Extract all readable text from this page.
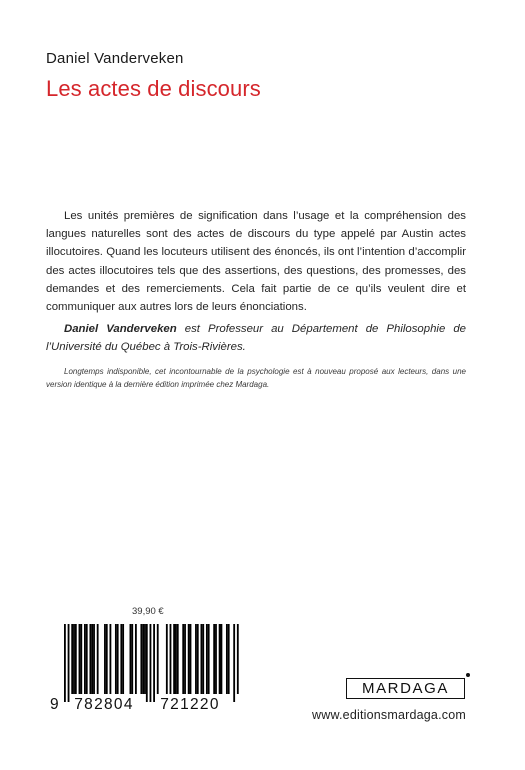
Daniel Vanderveken
Les actes de discours

Les unités premières de signification dans l’usage et la compréhension des langues naturelles sont des actes de discours du type appelé par Austin actes illocutoires. Quand les locuteurs utilisent des énoncés, ils ont l’intention d’accomplir des actes illocutoires tels que des assertions, des questions, des promesses, des demandes et des remerciements. Cela fait partie de ce qu’ils veulent dire et communiquer aux autres lors de leurs énonciations.

Daniel Vanderveken est Professeur au Département de Philosophie de l’Université du Québec à Trois-Rivières.

Longtemps indisponible, cet incontournable de la psychologie est à nouveau proposé aux lecteurs, dans une version identique à la dernière édition imprimée chez Mardaga.

39,90 €
9	782804	721220
MARDAGA
www.editionsmardaga.com
